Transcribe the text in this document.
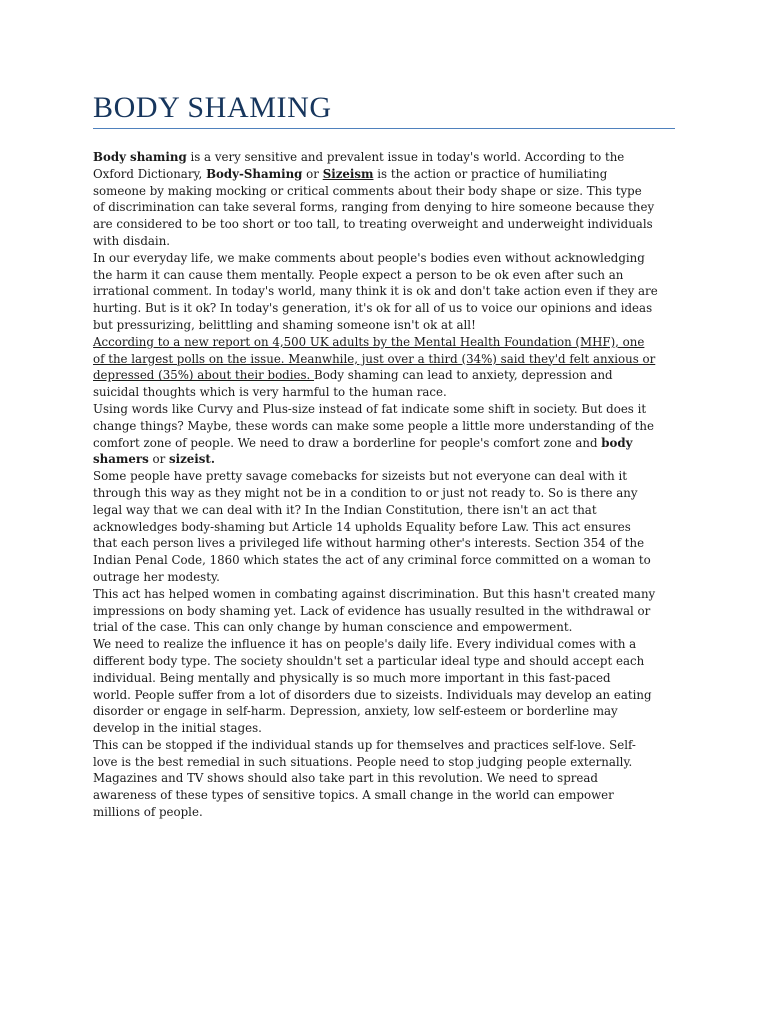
BODY SHAMING

Body shaming is a very sensitive and prevalent issue in today's world. According to the
Oxford Dictionary, Body-Shaming or Sizeism is the action or practice of humiliating
someone by making mocking or critical comments about their body shape or size. This type
of discrimination can take several forms, ranging from denying to hire someone because they
are considered to be too short or too tall, to treating overweight and underweight individuals
with disdain.

In our everyday life, we make comments about people's bodies even without acknowledging
the harm it can cause them mentally. People expect a person to be ok even after such an
irrational comment. In today's world, many think it is ok and don't take action even if they are
hurting. But is it ok? In today's generation, it's ok for all of us to voice our opinions and ideas
but pressurizing, belittling and shaming someone isn't ok at all!

According to a new report on 4,500 UK adults by the Mental Health Foundation (MHF), one
of the largest polls on the issue. Meanwhile, just over a third (34%) said they'd felt anxious or
depressed (35%) about their bodies. Body shaming can lead to anxiety, depression and
suicidal thoughts which is very harmful to the human race.

Using words like Curvy and Plus-size instead of fat indicate some shift in society. But does it
change things? Maybe, these words can make some people a little more understanding of the
comfort zone of people. We need to draw a borderline for people's comfort zone and body
shamers or sizeist.

Some people have pretty savage comebacks for sizeists but not everyone can deal with it
through this way as they might not be in a condition to or just not ready to. So is there any
legal way that we can deal with it? In the Indian Constitution, there isn't an act that
acknowledges body-shaming but Article 14 upholds Equality before Law. This act ensures
that each person lives a privileged life without harming other's interests. Section 354 of the
Indian Penal Code, 1860 which states the act of any criminal force committed on a woman to
outrage her modesty.

This act has helped women in combating against discrimination. But this hasn't created many
impressions on body shaming yet. Lack of evidence has usually resulted in the withdrawal or
trial of the case. This can only change by human conscience and empowerment.

We need to realize the influence it has on people's daily life. Every individual comes with a
different body type. The society shouldn't set a particular ideal type and should accept each
individual. Being mentally and physically is so much more important in this fast-paced
world. People suffer from a lot of disorders due to sizeists. Individuals may develop an eating
disorder or engage in self-harm. Depression, anxiety, low self-esteem or borderline may
develop in the initial stages.

This can be stopped if the individual stands up for themselves and practices self-love. Self-
love is the best remedial in such situations. People need to stop judging people externally.
Magazines and TV shows should also take part in this revolution. We need to spread
awareness of these types of sensitive topics. A small change in the world can empower
millions of people.
